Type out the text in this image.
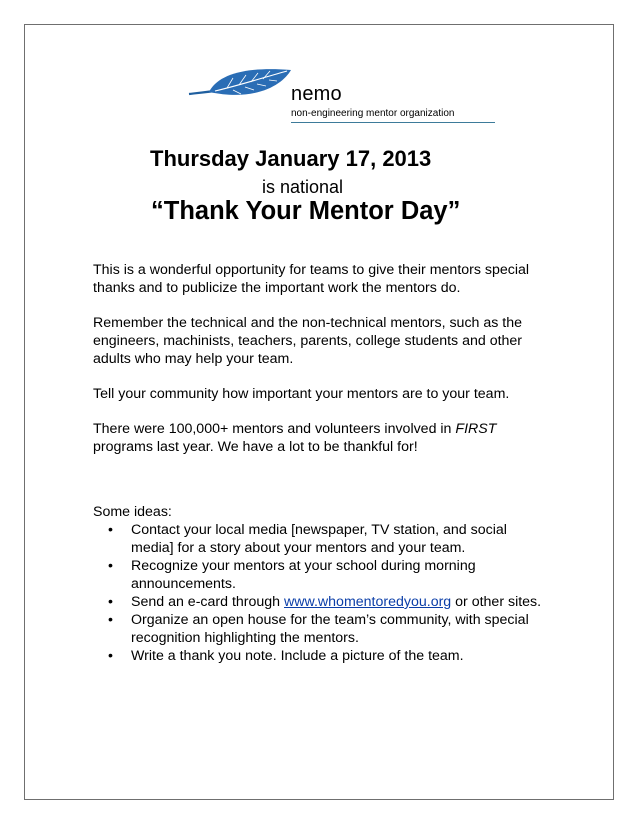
nemo
non-engineering mentor organization
Thursday January 17, 2013
is national
“Thank Your Mentor Day”

This is a wonderful opportunity for teams to give their mentors special thanks and to publicize the important work the mentors do.

Remember the technical and the non-technical mentors, such as the engineers, machinists, teachers, parents, college students and other adults who may help your team.

Tell your community how important your mentors are to your team.

There were 100,000+ mentors and volunteers involved in FIRST programs last year. We have a lot to be thankful for!

Some ideas:

• Contact your local media [newspaper, TV station, and social media] for a story about your mentors and your team.
• Recognize your mentors at your school during morning announcements.
• Send an e-card through www.whomentoredyou.org or other sites.
• Organize an open house for the team’s community, with special recognition highlighting the mentors.
• Write a thank you note. Include a picture of the team.
